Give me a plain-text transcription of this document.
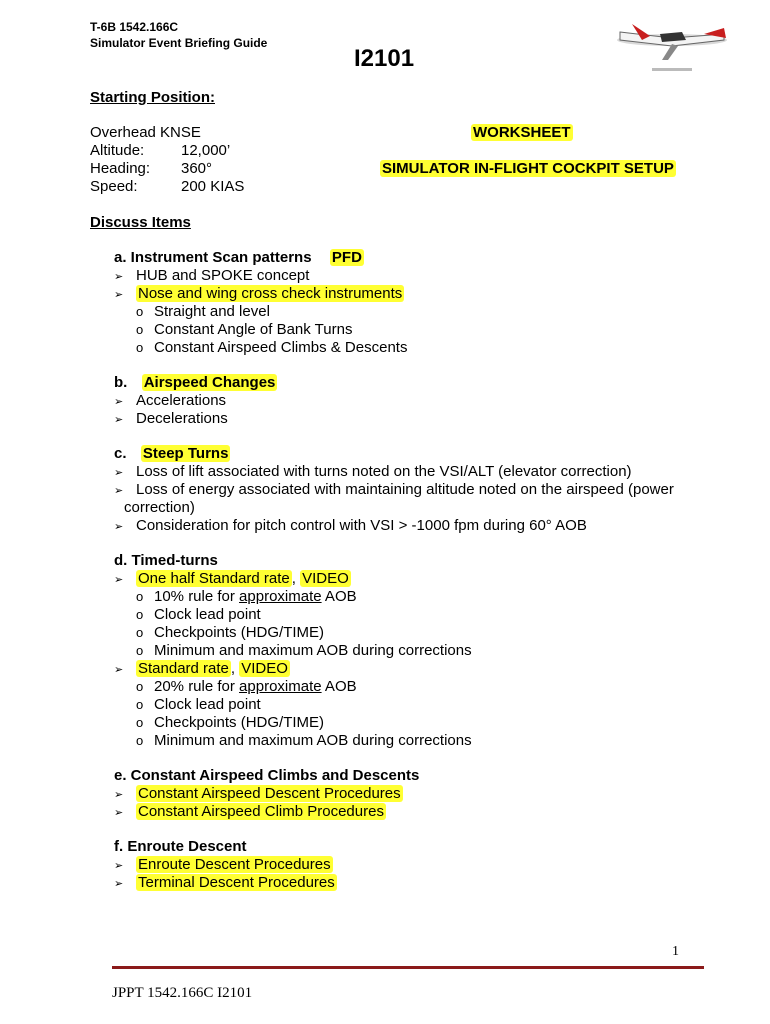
T-6B 1542.166C
Simulator Event Briefing Guide
I2101
Starting Position:
Overhead KNSE
Altitude: 12,000’
Heading: 360°
Speed:	200 KIAS
WORKSHEET
SIMULATOR IN-FLIGHT COCKPIT SETUP
Discuss Items
a. Instrument Scan patterns PFD
➢ HUB and SPOKE concept
➢ Nose and wing cross check instruments
o Straight and level
o Constant Angle of Bank Turns
o Constant Airspeed Climbs & Descents
b. Airspeed Changes
➢ Accelerations
➢ Decelerations
c. Steep Turns
➢ Loss of lift associated with turns noted on the VSI/ALT (elevator correction)
➢ Loss of energy associated with maintaining altitude noted on the airspeed (power
correction)
➢ Consideration for pitch control with VSI > -1000 fpm during 60° AOB
d. Timed-turns
➢ One half Standard rate , VIDEO
o 10% rule for approximate AOB
o Clock lead point
o Checkpoints (HDG/TIME)
o Minimum and maximum AOB during corrections
➢ Standard rate , VIDEO
o 20% rule for approximate AOB
o Clock lead point
o Checkpoints (HDG/TIME)
o Minimum and maximum AOB during corrections
e. Constant Airspeed Climbs and Descents
➢ Constant Airspeed Descent Procedures
➢ Constant Airspeed Climb Procedures
f. Enroute Descent
➢ Enroute Descent Procedures
➢ Terminal Descent Procedures
1
JPPT 1542.166C I2101
